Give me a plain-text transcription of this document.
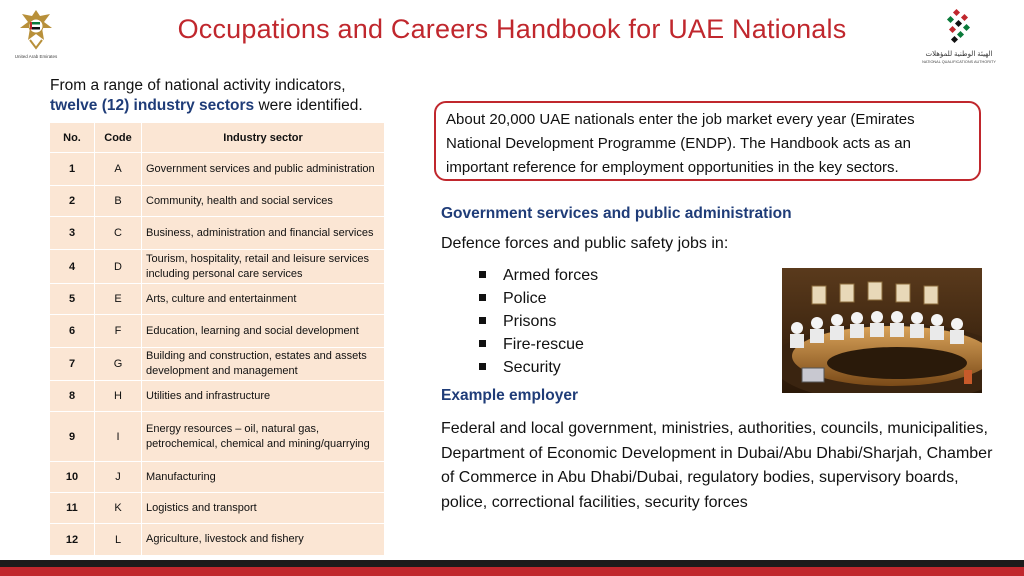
United Arab Emirates
Occupations and Careers Handbook for UAE Nationals
الهيئة الوطنية للمؤهلات
NATIONAL QUALIFICATIONS AUTHORITY
From a range of national activity indicators,
twelve (12) industry sectors were identified.
No.	Code	Industry sector
1	A	Government services and public administration
2	B	Community, health and social services
3	C	Business, administration and financial services
4	D	Tourism, hospitality, retail and leisure services including personal care services
5	E	Arts, culture and entertainment
6	F	Education, learning and social development
7	G	Building and construction, estates and assets development and management
8	H	Utilities and infrastructure
9	I	Energy resources – oil, natural gas, petrochemical, chemical and mining/quarrying
10	J	Manufacturing
11	K	Logistics and transport
12	L	Agriculture, livestock and fishery
About 20,000 UAE nationals enter the job market every year (Emirates National Development Programme (ENDP). The Handbook acts as an important reference for employment opportunities in the key sectors.
Government services and public administration
Defence forces and public safety jobs in:
Armed forces
Police
Prisons
Fire-rescue
Security
Example employer
Federal and local government, ministries, authorities, councils, municipalities, Department of Economic Development in Dubai/Abu Dhabi/Sharjah, Chamber of Commerce in Abu Dhabi/Dubai, regulatory bodies, supervisory boards, police, correctional facilities, security forces
